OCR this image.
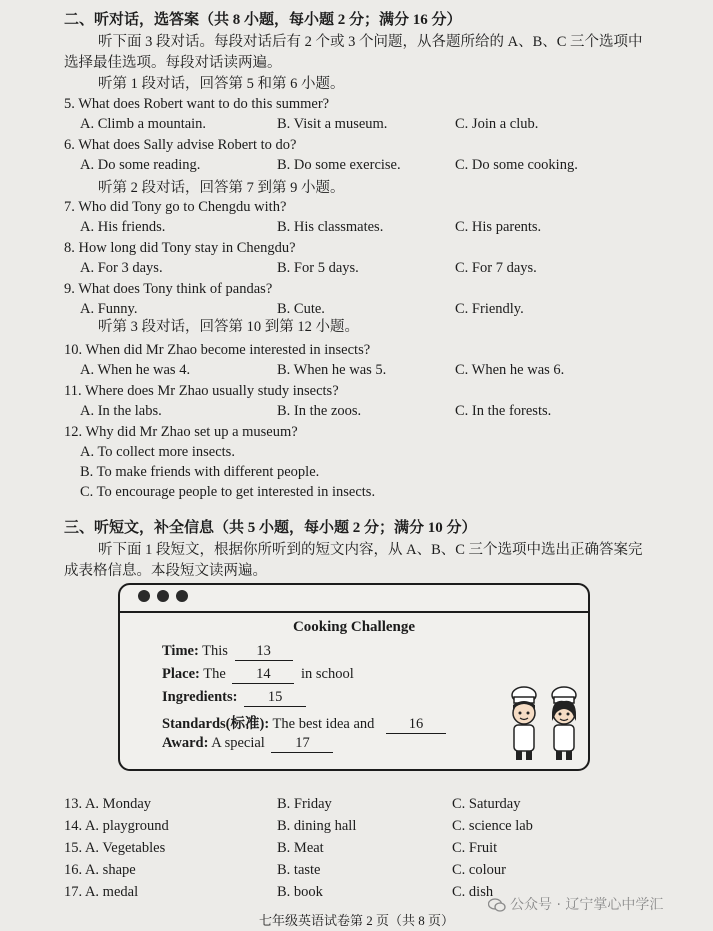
二、听对话，选答案（共 8 小题，每小题 2 分；满分 16 分）
听下面 3 段对话。每段对话后有 2 个或 3 个问题，从各题所给的 A、B、C 三个选项中
选择最佳选项。每段对话读两遍。
听第 1 段对话，回答第 5 和第 6 小题。
5. What does Robert want to do this summer?
A. Climb a mountain.	B. Visit a museum.	C. Join a club.
6. What does Sally advise Robert to do?
A. Do some reading.	B. Do some exercise.	C. Do some cooking.
7. Who did Tony go to Chengdu with?
A. His friends.	B. His classmates.	C. His parents.
8. How long did Tony stay in Chengdu?
A. For 3 days.	B. For 5 days.	C. For 7 days.
9. What does Tony think of pandas?
A. Funny.	B. Cute.	C. Friendly.
10. When did Mr Zhao become interested in insects?
A. When he was 4.	B. When he was 5.	C. When he was 6.
11. Where does Mr Zhao usually study insects?
A. In the labs.	B. In the zoos.	C. In the forests.
12. Why did Mr Zhao set up a museum?
A. To collect more insects.
B. To make friends with different people.
C. To encourage people to get interested in insects.
听第 2 段对话，回答第 7 到第 9 小题。
听第 3 段对话，回答第 10 到第 12 小题。
三、听短文，补全信息（共 5 小题，每小题 2 分；满分 10 分）
听下面 1 段短文，根据你所听到的短文内容，从 A、B、C 三个选项中选出正确答案完
成表格信息。本段短文读两遍。
Cooking Challenge
Time: This 13
Place: The 14 in school
Ingredients: 15
Standards(标准): The best idea and 16
Award: A special 17
13. A. Monday	B. Friday	C. Saturday
14. A. playground	B. dining hall	C. science lab
15. A. Vegetables	B. Meat	C. Fruit
16. A. shape	B. taste	C. colour
17. A. medal	B. book	C. dish
公众号 · 辽宁掌心中学汇
七年级英语试卷第 2 页（共 8 页）
